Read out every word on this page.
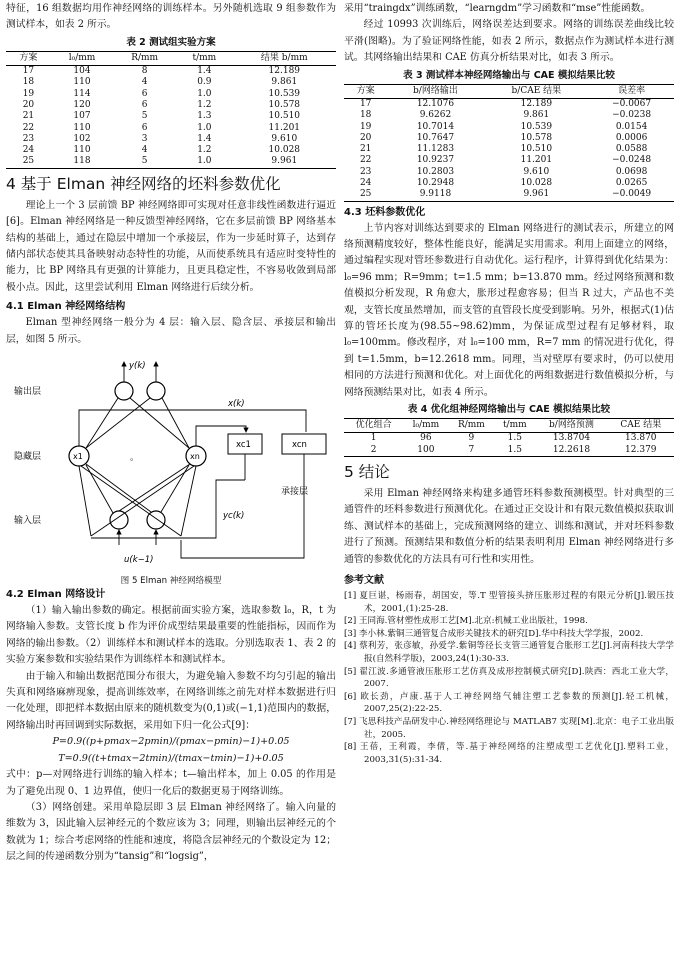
特征，16 组数据均用作神经网络的训练样本。另外随机选取 9 组参数作为测试样本，如表 2 所示。

表 2 测试组实验方案
方案	l₀/mm	R/mm	t/mm	结果 b/mm
17	104	8	1.4	12.189
18	110	4	0.9	9.861
19	114	6	1.0	10.539
20	120	6	1.2	10.578
21	107	5	1.3	10.510
22	110	6	1.0	11.201
23	102	3	1.4	9.610
24	110	4	1.2	10.028
25	118	5	1.0	9.961
4 基于 Elman 神经网络的坯料参数优化

理论上一个 3 层前馈 BP 神经网络即可实现对任意非线性函数进行逼近[6]。Elman 神经网络是一种反馈型神经网络，它在多层前馈 BP 网络基本结构的基础上，通过在隐层中增加一个承接层，作为一步延时算子，达到存储内部状态使其具备映射动态特性的功能，从而使系统具有适应时变特性的能力，比 BP 网络具有更强的计算能力，且更具稳定性，不容易收敛到局部极小点。因此，这里尝试利用 Elman 网络进行后续分析。

4.1 Elman 神经网络结构

Elman 型神经网络一般分为 4 层：输入层、隐含层、承接层和输出层，如图 5 所示。

输出层
隐藏层
输入层
承接层
y(k)
x(k)
u(k−1)
yc(k)
x1	xn
xc1	xcn
。
图 5 Elman 神经网络模型
4.2 Elman 网络设计

（1）输入输出参数的确定。根据前面实验方案，选取参数 l₀，R，t 为网络输入参数。支管长度 b 作为评价成型结果最重要的性能指标，因而作为网络的输出参数。（2）训练样本和测试样本的选取。分别选取表 1、表 2 的实验方案参数和实验结果作为训练样本和测试样本。

由于输入和输出数据范围分布很大，为避免输入参数不均匀引起的输出失真和网络麻痹现象，提高训练效率，在网络训练之前先对样本数据进行归一化处理，即把样本数据由原来的随机数变为(0,1)或(−1,1)范围内的数据，网络输出时再回调到实际数据，采用如下归一化公式[9]：

P=0.9((p+pmax−2pmin)/(pmax−pmin)−1)+0.05
T=0.9((t+tmax−2tmin)/(tmax−tmin)−1)+0.05

式中：p—对网络进行训练的输入样本；t—输出样本，加上 0.05 的作用是为了避免出现 0、1 边界值，使归一化后的数据更易于网络训练。

（3）网络创建。采用单隐层即 3 层 Elman 神经网络了。输入向量的维数为 3，因此输入层神经元的个数应该为 3；同理，则输出层神经元的个数就为 1；综合考虑网络的性能和速度，将隐含层神经元的个数设定为 12；层之间的传递函数分别为“tansig”和“logsig”，

采用“traingdx”训练函数，“learngdm”学习函数和“mse”性能函数。

经过 10993 次训练后，网络误差达到要求。网络的训练误差曲线比较平滑(图略)。为了验证网络性能，如表 2 所示，数据点作为测试样本进行测试。其网络输出结果和 CAE 仿真分析结果对比，如表 3 所示。

表 3 测试样本神经网络输出与 CAE 模拟结果比较
方案	b/网络输出	b/CAE 结果	误差率
17	12.1076	12.189	−0.0067
18	9.6262	9.861	−0.0238
19	10.7014	10.539	0.0154
20	10.7647	10.578	0.0006
21	11.1283	10.510	0.0588
22	10.9237	11.201	−0.0248
23	10.2803	9.610	0.0698
24	10.2948	10.028	0.0265
25	9.9118	9.961	−0.0049
4.3 坯料参数优化

上节内容对训练达到要求的 Elman 网络进行的测试表示，所建立的网络预测精度较好，整体性能良好，能满足实用需求。利用上面建立的网络，通过编程实现对管坯参数进行自动优化。运行程序，计算得到优化结果为：l₀=96 mm；R=9mm；t=1.5 mm；b=13.870 mm。经过网络预测和数值模拟分析发现，R 角愈大，胀形过程愈容易；但当 R 过大，产品也不美观，支管长度虽然增加，而支管的直管段长度受到影响。另外，根据式(1)估算的管坯长度为(98.55~98.62)mm，为保证成型过程有足够材料，取 l₀=100mm。修改程序，对 l₀=100 mm，R=7 mm 的情况进行优化，得到 t=1.5mm，b=12.2618 mm。同理，当对壁厚有要求时，仍可以使用相同的方法进行预测和优化。对上面优化的两组数据进行数值模拟分析，与网络预测结果对比，如表 4 所示。

表 4 优化组神经网络输出与 CAE 模拟结果比较
优化组合	l₀/mm	R/mm	t/mm	b/网络预测	CAE 结果
1	96	9	1.5	13.8704	13.870
2	100	7	1.5	12.2618	12.379
5 结论

采用 Elman 神经网络来构建多通管坯料参数预测模型。针对典型的三通管件的坯料参数进行预测优化。在通过正交设计和有限元数值模拟获取训练、测试样本的基础上，完成预测网络的建立、训练和测试，并对坯料参数进行了预测。预测结果和数值分析的结果表明利用 Elman 神经网络进行多通管的参数优化的方法具有可行性和实用性。

参考文献
[1] 夏巨谌，杨雨春，胡国安，等.T 型管接头挤压胀形过程的有限元分析[J].锻压技术，2001,(1):25-28.
[2] 王同海.管材塑性成形工艺[M].北京:机械工业出版社，1998.
[3] 李小林.紫铜三通管复合成形关键技术的研究[D].华中科技大学学报，2002.
[4] 蔡利芳，张彦敏，孙爱学.紫铜等径长支管三通管复合胀形工艺[J].河南科技大学学报(自然科学版)，2003,24(1):30-33.
[5] 翟江波.多通管液压胀形工艺仿真及成形控制模式研究[D].陕西：西北工业大学，2007.
[6] 欧长劲，卢康.基于人工神经网络气辅注塑工艺参数的预测[J].轻工机械，2007,25(2):22-25.
[7] 飞思科技产品研发中心.神经网络理论与 MATLAB7 实现[M].北京：电子工业出版社，2005.
[8] 王蓓，王利霞，李倩，等.基于神经网络的注塑成型工艺优化[J].塑料工业，2003,31(5):31-34.
